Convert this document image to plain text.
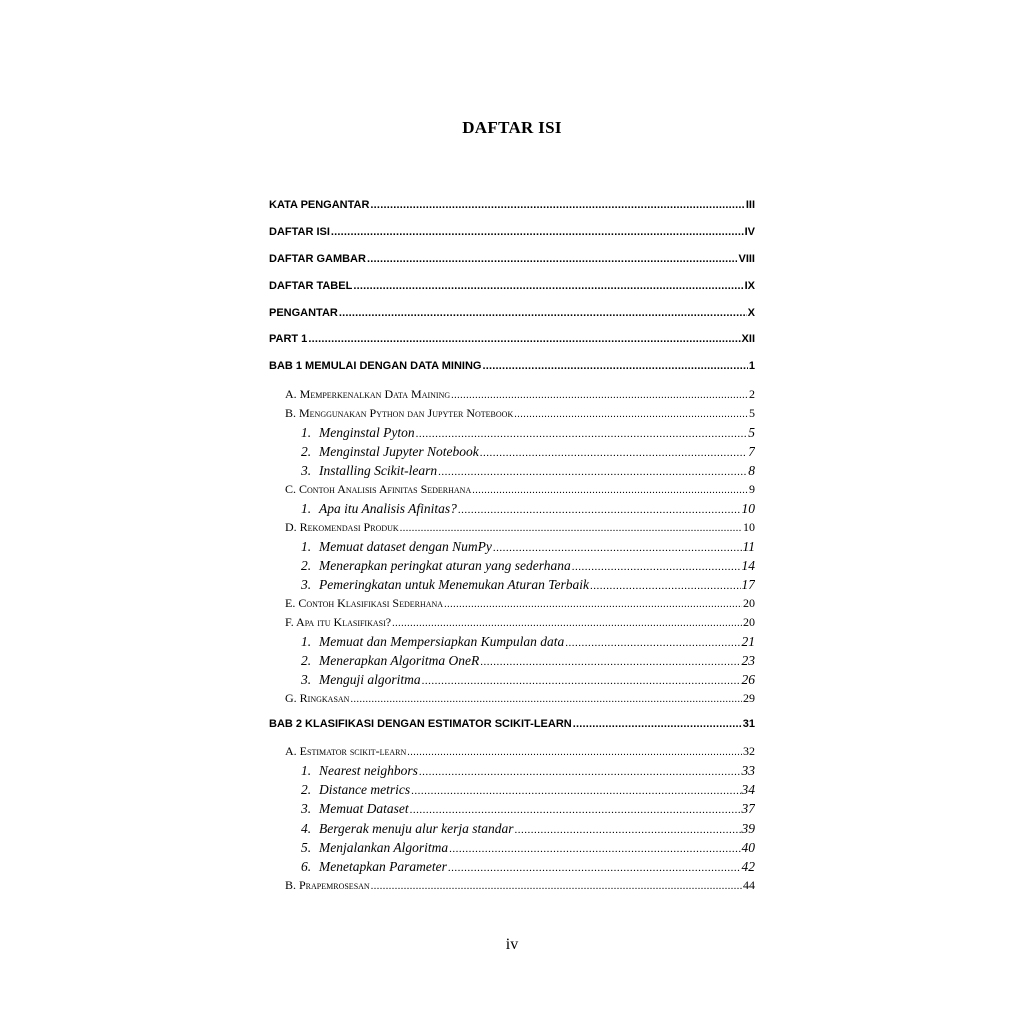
DAFTAR ISI
KATA PENGANTAR .....	III
DAFTAR ISI .....	IV
DAFTAR GAMBAR .....	VIII
DAFTAR TABEL .....	IX
PENGANTAR .....	X
PART 1 .....	XII
BAB 1 MEMULAI DENGAN DATA MINING .....	1
A. Memperkenalkan Data Maining .....	2
B. Menggunakan Python dan Jupyter Notebook .....	5
1. Menginstal Pyton .....	5
2. Menginstal Jupyter Notebook .....	7
3. Installing Scikit-learn .....	8
C. Contoh Analisis Afinitas Sederhana .....	9
1. Apa itu Analisis Afinitas? .....	10
D. Rekomendasi Produk .....	10
1. Memuat dataset dengan NumPy .....	11
2. Menerapkan peringkat aturan yang sederhana .....	14
3. Pemeringkatan untuk Menemukan Aturan Terbaik .....	17
E. Contoh Klasifikasi Sederhana .....	20
F. Apa itu Klasifikasi? .....	20
1. Memuat dan Mempersiapkan Kumpulan data .....	21
2. Menerapkan Algoritma OneR .....	23
3. Menguji algoritma .....	26
G. Ringkasan .....	29
BAB 2 KLASIFIKASI DENGAN ESTIMATOR SCIKIT-LEARN .....	31
A. Estimator scikit-learn .....	32
1. Nearest neighbors .....	33
2. Distance metrics .....	34
3. Memuat Dataset .....	37
4. Bergerak menuju alur kerja standar .....	39
5. Menjalankan Algoritma .....	40
6. Menetapkan Parameter .....	42
B. Prapemrosesan .....	44
iv
